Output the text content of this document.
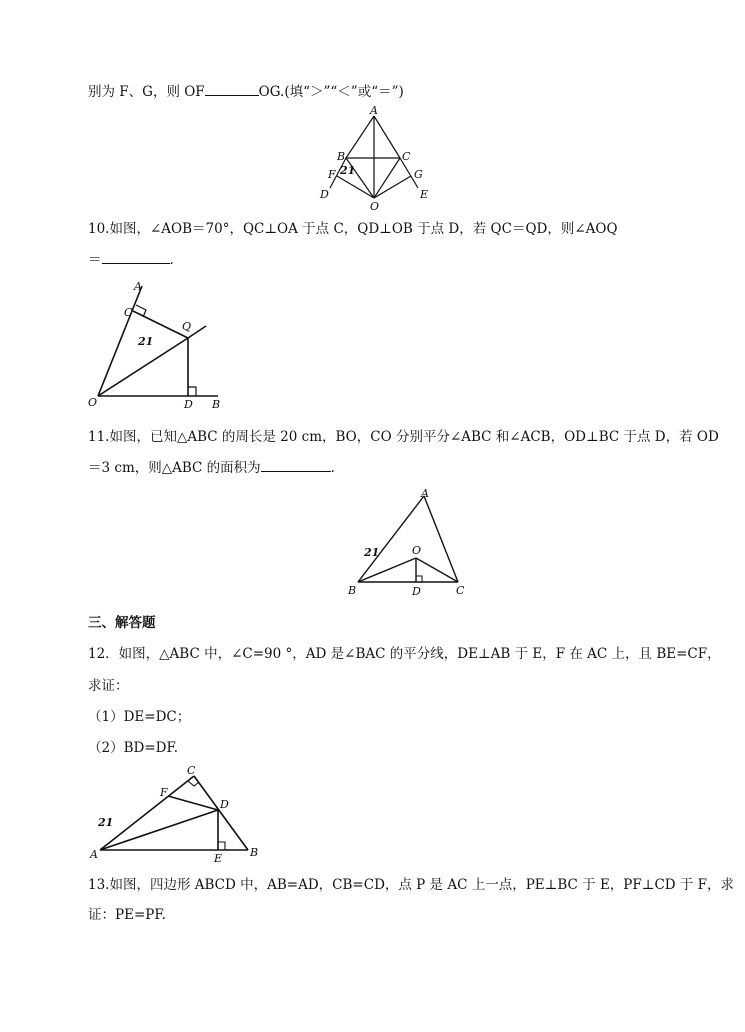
别为 F、G，则 OF	OG.(填“＞”“＜”或“＝”)
21
A
B	C
F	G
D	E
O
10.如图，∠AOB＝70°，QC⊥OA 于点 C，QD⊥OB 于点 D，若 QC＝QD，则∠AOQ
＝	.
21
A
C
Q
O	D B
11.如图，已知△ABC 的周长是 20 cm，BO，CO 分别平分∠ABC 和∠ACB，OD⊥BC 于点 D，若 OD
＝3 cm，则△ABC 的面积为	.
21
A
O
B	D	C
三、解答题
12．如图，△ABC 中，∠C=90 °，AD 是∠BAC 的平分线，DE⊥AB 于 E，F 在 AC 上，且 BE=CF，
求证：
（1）DE=DC；
（2）BD=DF.
21
C
F
D
A	E	B
13.如图，四边形 ABCD 中，AB=AD，CB=CD，点 P 是 AC 上一点，PE⊥BC 于 E，PF⊥CD 于 F，求
证：PE=PF.
